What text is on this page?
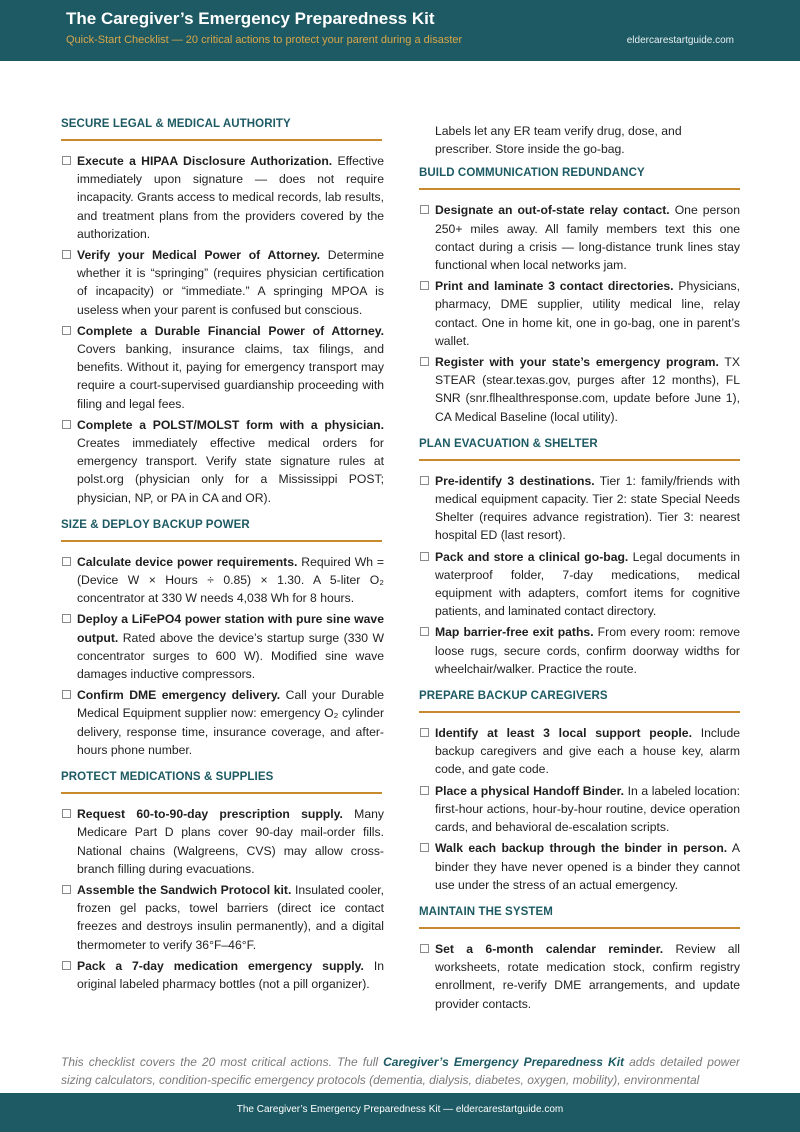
The Caregiver’s Emergency Preparedness Kit
Quick-Start Checklist — 20 critical actions to protect your parent during a disaster	eldercarestartguide.com
SECURE LEGAL & MEDICAL AUTHORITY
Execute a HIPAA Disclosure Authorization. Effective immediately upon signature — does not require incapacity. Grants access to medical records, lab results, and treatment plans from the providers covered by the authorization.
Verify your Medical Power of Attorney. Determine whether it is “springing” (requires physician certification of incapacity) or “immediate.” A springing MPOA is useless when your parent is confused but conscious.
Complete a Durable Financial Power of Attorney. Covers banking, insurance claims, tax filings, and benefits. Without it, paying for emergency transport may require a court-supervised guardianship proceeding with filing and legal fees.
Complete a POLST/MOLST form with a physician. Creates immediately effective medical orders for emergency transport. Verify state signature rules at polst.org (physician only for a Mississippi POST; physician, NP, or PA in CA and OR).
SIZE & DEPLOY BACKUP POWER
Calculate device power requirements. Required Wh = (Device W × Hours ÷ 0.85) × 1.30. A 5-liter O₂ concentrator at 330 W needs 4,038 Wh for 8 hours.
Deploy a LiFePO4 power station with pure sine wave output. Rated above the device’s startup surge (330 W concentrator surges to 600 W). Modified sine wave damages inductive compressors.
Confirm DME emergency delivery. Call your Durable Medical Equipment supplier now: emergency O₂ cylinder delivery, response time, insurance coverage, and after-hours phone number.
PROTECT MEDICATIONS & SUPPLIES
Request 60-to-90-day prescription supply. Many Medicare Part D plans cover 90-day mail-order fills. National chains (Walgreens, CVS) may allow cross-branch filling during evacuations.
Assemble the Sandwich Protocol kit. Insulated cooler, frozen gel packs, towel barriers (direct ice contact freezes and destroys insulin permanently), and a digital thermometer to verify 36°F–46°F.
Pack a 7-day medication emergency supply. In original labeled pharmacy bottles (not a pill organizer).
Labels let any ER team verify drug, dose, and prescriber. Store inside the go-bag.
BUILD COMMUNICATION REDUNDANCY
Designate an out-of-state relay contact. One person 250+ miles away. All family members text this one contact during a crisis — long-distance trunk lines stay functional when local networks jam.
Print and laminate 3 contact directories. Physicians, pharmacy, DME supplier, utility medical line, relay contact. One in home kit, one in go-bag, one in parent’s wallet.
Register with your state’s emergency program. TX STEAR (stear.texas.gov, purges after 12 months), FL SNR (snr.flhealthresponse.com, update before June 1), CA Medical Baseline (local utility).
PLAN EVACUATION & SHELTER
Pre-identify 3 destinations. Tier 1: family/friends with medical equipment capacity. Tier 2: state Special Needs Shelter (requires advance registration). Tier 3: nearest hospital ED (last resort).
Pack and store a clinical go-bag. Legal documents in waterproof folder, 7-day medications, medical equipment with adapters, comfort items for cognitive patients, and laminated contact directory.
Map barrier-free exit paths. From every room: remove loose rugs, secure cords, confirm doorway widths for wheelchair/walker. Practice the route.
PREPARE BACKUP CAREGIVERS
Identify at least 3 local support people. Include backup caregivers and give each a house key, alarm code, and gate code.
Place a physical Handoff Binder. In a labeled location: first-hour actions, hour-by-hour routine, device operation cards, and behavioral de-escalation scripts.
Walk each backup through the binder in person. A binder they have never opened is a binder they cannot use under the stress of an actual emergency.
MAINTAIN THE SYSTEM
Set a 6-month calendar reminder. Review all worksheets, rotate medication stock, confirm registry enrollment, re-verify DME arrangements, and update provider contacts.
This checklist covers the 20 most critical actions. The full Caregiver’s Emergency Preparedness Kit adds detailed power sizing calculators, condition-specific emergency protocols (dementia, dialysis, diabetes, oxygen, mobility), environmental
The Caregiver’s Emergency Preparedness Kit — eldercarestartguide.com
